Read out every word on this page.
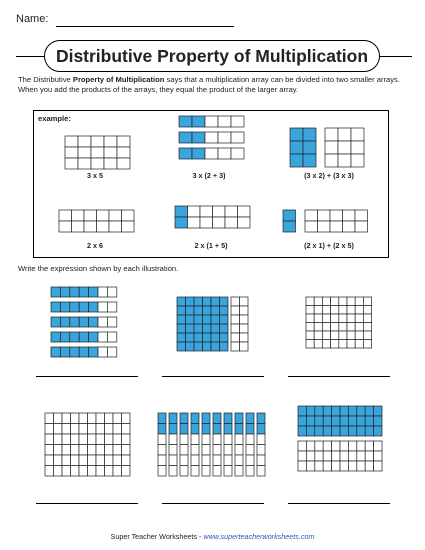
Name:
Distributive Property of Multiplication
The Distributive Property of Multiplication says that a multiplication array can be divided into two smaller arrays. When you add the products of the arrays, they equal the product of the larger array.
example:
3 x 5	3 x (2 + 3)	(3 x 2) + (3 x 3)
2 x 6	2 x (1 + 5)	(2 x 1) + (2 x 5)
Write the expression shown by each illustration.
Super Teacher Worksheets - www.superteacherworksheets.com
